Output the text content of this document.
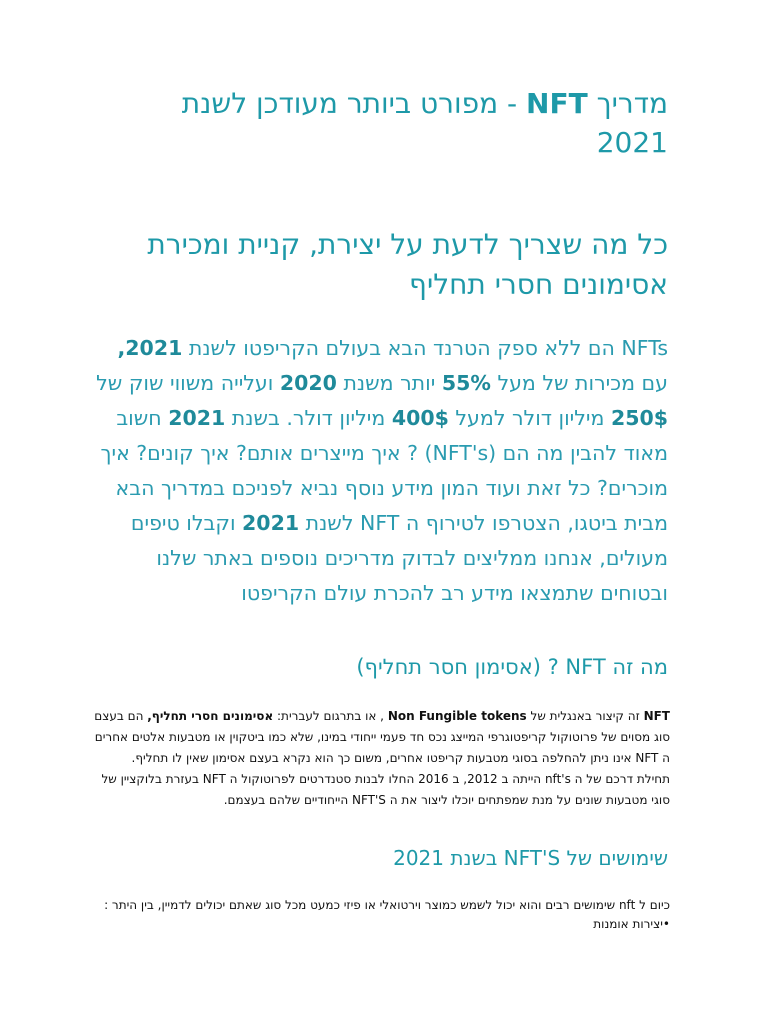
מדריך NFT - מפורט ביותר מעודכן לשנת 2021
כל מה שצריך לדעת על יצירת, קניית ומכירת אסימונים חסרי תחליף

NFTs הם ללא ספק הטרנד הבא בעולם הקריפטו לשנת 2021, עם מכירות של מעל 55% יותר משנת 2020 ועלייה משווי שוק של 250$ מיליון דולר למעל 400$ מיליון דולר. בשנת 2021 חשוב מאוד להבין מה הם (NFT's) ? איך מייצרים אותם? איך קונים? איך מוכרים? כל זאת ועוד המון מידע נוסף נביא לפניכם במדריך הבא מבית ביטגו, הצטרפו לטירוף ה NFT לשנת 2021 וקבלו טיפים מעולים, אנחנו ממליצים לבדוק מדריכים נוספים באתר שלנו ובטוחים שתמצאו מידע רב להכרת עולם הקריפטו

מה זה NFT ? (אסימון חסר תחליף)
NFT זה קיצור באנגלית של Non Fungible tokens , או בתרגום לעברית: אסימונים חסרי תחליף, הם בעצם סוג מסוים של פרוטוקול קריפטוגרפי המייצג נכס חד פעמי ייחודי במינו, שלא כמו ביטקוין או מטבעות אלטים אחרים ה NFT אינו ניתן להחלפה בסוגי מטבעות קריפטו אחרים, משום כך הוא נקרא בעצם אסימון שאין לו תחליף.
תחילת דרכם של ה nft's הייתה ב 2012, ב 2016 החלו לבנות סטנדרטים לפרוטוקול ה NFT בעזרת בלוקציין של סוגי מטבעות שונים על מנת שמפתחים יוכלו ליצור את ה NFT'S הייחודיים שלהם בעצמם.
שימושים של NFT'S בשנת 2021
כיום ל nft שימושים רבים והוא יכול לשמש כמוצר וירטואלי או פיזי כמעט מכל סוג שאתם יכולים לדמיין, בין היתר :
•יצירות אומנות
